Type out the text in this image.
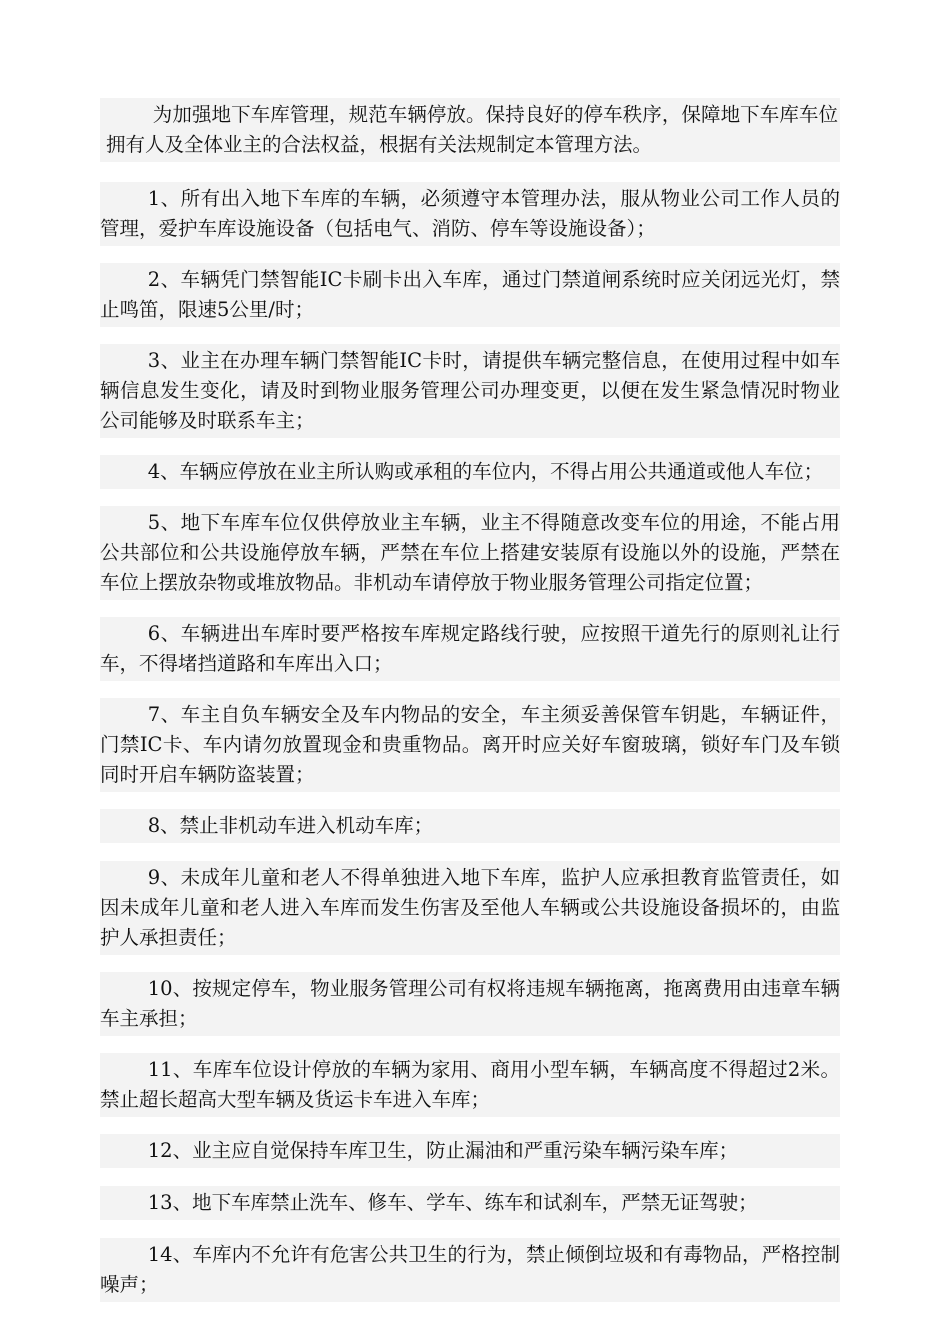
为加强地下车库管理，规范车辆停放。保持良好的停车秩序，保障地下车库车位拥有人及全体业主的合法权益，根据有关法规制定本管理方法。

1、所有出入地下车库的车辆，必须遵守本管理办法，服从物业公司工作人员的管理，爱护车库设施设备（包括电气、消防、停车等设施设备）；

2、车辆凭门禁智能IC卡刷卡出入车库，通过门禁道闸系统时应关闭远光灯，禁止鸣笛，限速5公里/时；

3、业主在办理车辆门禁智能IC卡时，请提供车辆完整信息，在使用过程中如车辆信息发生变化，请及时到物业服务管理公司办理变更，以便在发生紧急情况时物业公司能够及时联系车主；

4、车辆应停放在业主所认购或承租的车位内，不得占用公共通道或他人车位；

5、地下车库车位仅供停放业主车辆，业主不得随意改变车位的用途，不能占用公共部位和公共设施停放车辆，严禁在车位上搭建安装原有设施以外的设施，严禁在车位上摆放杂物或堆放物品。非机动车请停放于物业服务管理公司指定位置；

6、车辆进出车库时要严格按车库规定路线行驶，应按照干道先行的原则礼让行车，不得堵挡道路和车库出入口；

7、车主自负车辆安全及车内物品的安全，车主须妥善保管车钥匙，车辆证件，门禁IC卡、车内请勿放置现金和贵重物品。离开时应关好车窗玻璃，锁好车门及车锁同时开启车辆防盗装置；

8、禁止非机动车进入机动车库；

9、未成年儿童和老人不得单独进入地下车库，监护人应承担教育监管责任，如因未成年儿童和老人进入车库而发生伤害及至他人车辆或公共设施设备损坏的，由监护人承担责任；

10、按规定停车，物业服务管理公司有权将违规车辆拖离，拖离费用由违章车辆车主承担；

11、车库车位设计停放的车辆为家用、商用小型车辆，车辆高度不得超过2米。禁止超长超高大型车辆及货运卡车进入车库；

12、业主应自觉保持车库卫生，防止漏油和严重污染车辆污染车库；

13、地下车库禁止洗车、修车、学车、练车和试刹车，严禁无证驾驶；

14、车库内不允许有危害公共卫生的行为，禁止倾倒垃圾和有毒物品，严格控制噪声；
